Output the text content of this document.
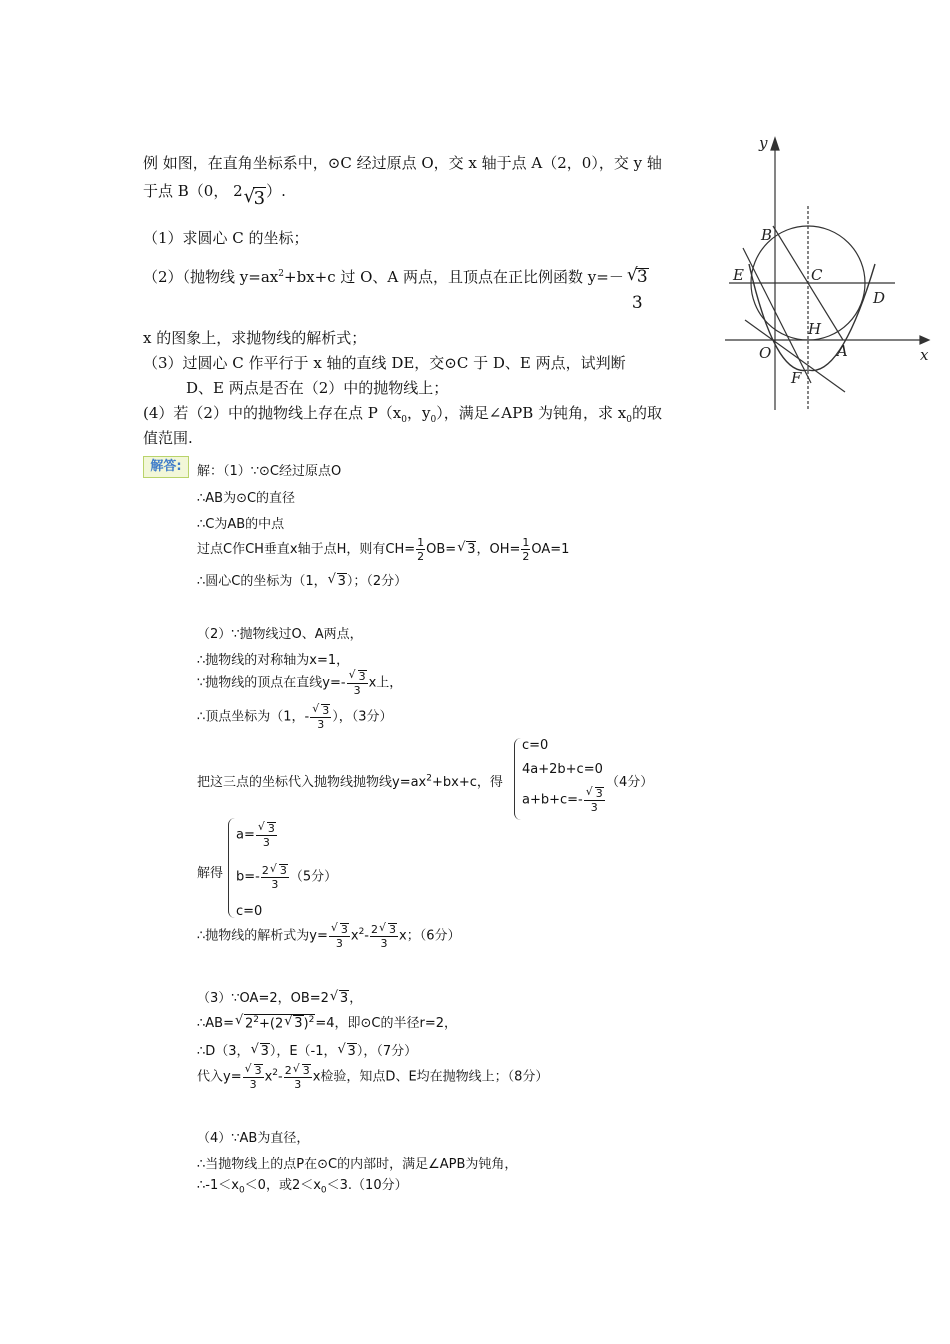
例 如图，在直角坐标系中，⊙C 经过原点 O，交 x 轴于点 A（2，0），交 y 轴
于点 B（0， 2√ 3）.
（1）求圆心 C 的坐标；
（2）（抛物线 $y=ax^2+bx+c$ 过 O、A 两点，且顶点在正比例函数 y=－
√ 3
3
x 的图象上，求抛物线的解析式；
（3）过圆心 C 作平行于 x 轴的直线 DE，交⊙C 于 D、E 两点，试判断
D、E 两点是否在（2）中的抛物线上；
(4）若（2）中的抛物线上存在点 $P(x_0$，$y_0$），满足∠APB 为钝角，求 $x_0$的取
值范围.
y
x
B
C
E
D
H
O	A
F
解答:	解：（1）∵⊙C经过原点O
∴AB为⊙C的直径
∴C为AB的中点
过点C作CH垂直x轴于点H，则有$CH= \frac{1}{2} OB=√$ 3，$OH= \frac{1}{2} OA=1$
∴圆心C的坐标为（1，√ 3）；（2分）
（2）∵抛物线过O、A两点，
∴抛物线的对称轴为x=1，
∵抛物线的顶点在直线y=-
√ $\frac{3}{3}$ x上，
∴顶点坐标为（1，-
√ $\frac{3}{3}$ ），（3分）
把这三点的坐标代入抛物线抛物线$y=ax^2+bx+c$，得
c=0
4a+2b+c=0
a+b+c=-
√ $\frac{3}{3}$
（4分）
解得
a=
√ $\frac{3}{3}$
$b=- \frac{2√ 3}{3} (5$分）
c=0
∴抛物线的解析式为y=
√ $\frac{3}{3} x^2- \frac{2√ 3}{3}$ x；（6分）
（3）∵OA=2，OB=2√ 3，
∴AB=√ $2^2+(2√$ 3)$^2$=4，即⊙C的半径r=2，
∴D（3，√ 3），E（-1，√ 3），（7分）
代入y=
√ $\frac{3}{3} x^2- \frac{2√ 3}{3}$ x检验，知点D、E均在抛物线上；（8分）
（4）∵AB为直径，
∴当抛物线上的点P在⊙C的内部时，满足∠APB为钝角，
$\therefore-1<x_0<0$，或$2<x_0<3.(10$分）
